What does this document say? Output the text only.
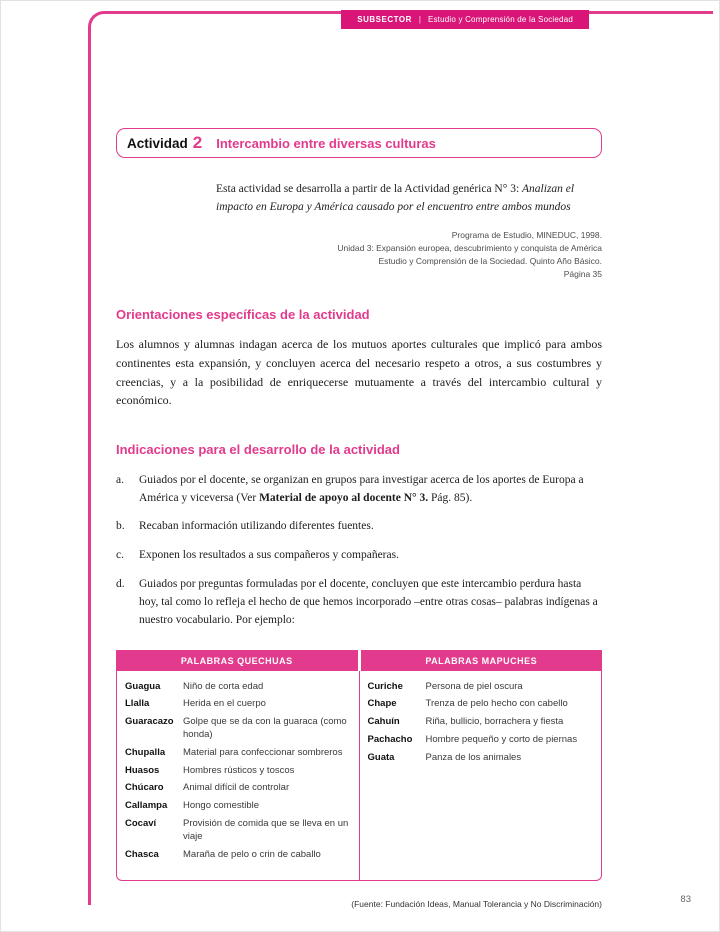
SUBSECTOR | Estudio y Comprensión de la Sociedad
Actividad 2 Intercambio entre diversas culturas

Esta actividad se desarrolla a partir de la Actividad genérica N° 3: Analizan el impacto en Europa y América causado por el encuentro entre ambos mundos

Programa de Estudio, MINEDUC, 1998.
Unidad 3: Expansión europea, descubrimiento y conquista de América
Estudio y Comprensión de la Sociedad. Quinto Año Básico.
Página 35
Orientaciones específicas de la actividad

Los alumnos y alumnas indagan acerca de los mutuos aportes culturales que implicó para ambos continentes esta expansión, y concluyen acerca del necesario respeto a otros, a sus costumbres y creencias, y a la posibilidad de enriquecerse mutuamente a través del intercambio cultural y económico.

Indicaciones para el desarrollo de la actividad
a.	Guiados por el docente, se organizan en grupos para investigar acerca de los aportes de Europa a América y viceversa (Ver Material de apoyo al docente N° 3. Pág. 85).
b.	Recaban información utilizando diferentes fuentes.
c.	Exponen los resultados a sus compañeros y compañeras.
d.	Guiados por preguntas formuladas por el docente, concluyen que este intercambio perdura hasta hoy, tal como lo refleja el hecho de que hemos incorporado –entre otras cosas– palabras indígenas a nuestro vocabulario. Por ejemplo:
PALABRAS QUECHUAS	PALABRAS MAPUCHES
Guagua	Niño de corta edad
Llalla	Herida en el cuerpo
Guaracazo Golpe que se da con la guaraca (como honda)
Chupalla	Material para confeccionar sombreros
Huasos	Hombres rústicos y toscos
Chúcaro	Animal difícil de controlar
Callampa	Hongo comestible
Cocaví	Provisión de comida que se lleva en un viaje
Chasca	Maraña de pelo o crin de caballo
Curiche	Persona de piel oscura
Chape	Trenza de pelo hecho con cabello
Cahuín	Riña, bullicio, borrachera y fiesta
Pachacho	Hombre pequeño y corto de piernas
Guata	Panza de los animales
(Fuente: Fundación Ideas, Manual Tolerancia y No Discriminación)	83
